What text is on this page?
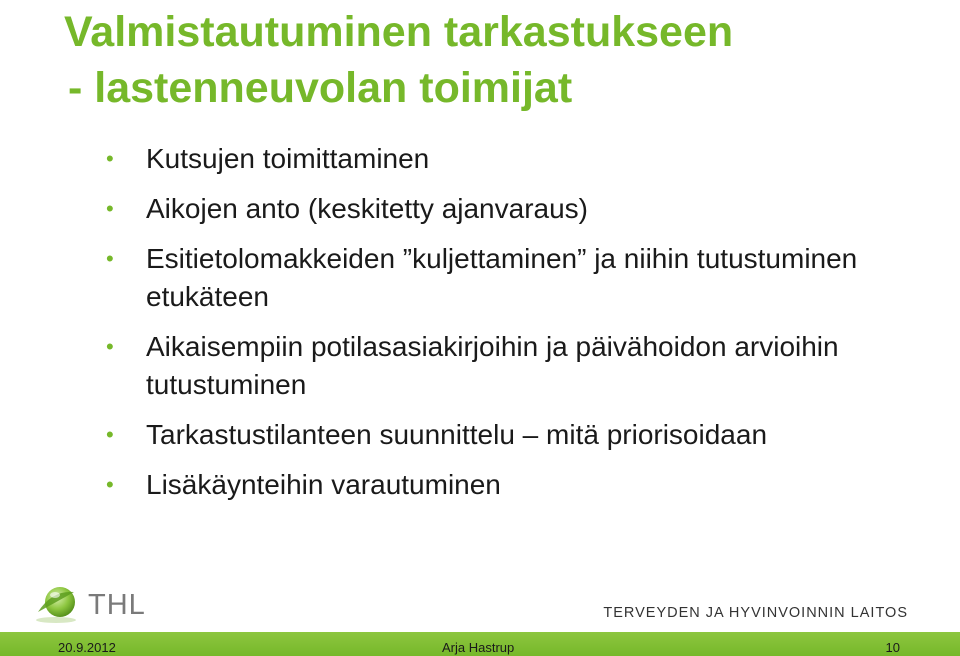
Valmistautuminen tarkastukseen
- lastenneuvolan toimijat
• Kutsujen toimittaminen
• Aikojen anto (keskitetty ajanvaraus)
• Esitietolomakkeiden ”kuljettaminen” ja niihin tutustuminen etukäteen
• Aikaisempiin potilasasiakirjoihin ja päivähoidon arvioihin tutustuminen
• Tarkastustilanteen suunnittelu – mitä priorisoidaan
• Lisäkäynteihin varautuminen
THL	TERVEYDEN JA HYVINVOINNIN LAITOS
20.9.2012	Arja Hastrup	10
